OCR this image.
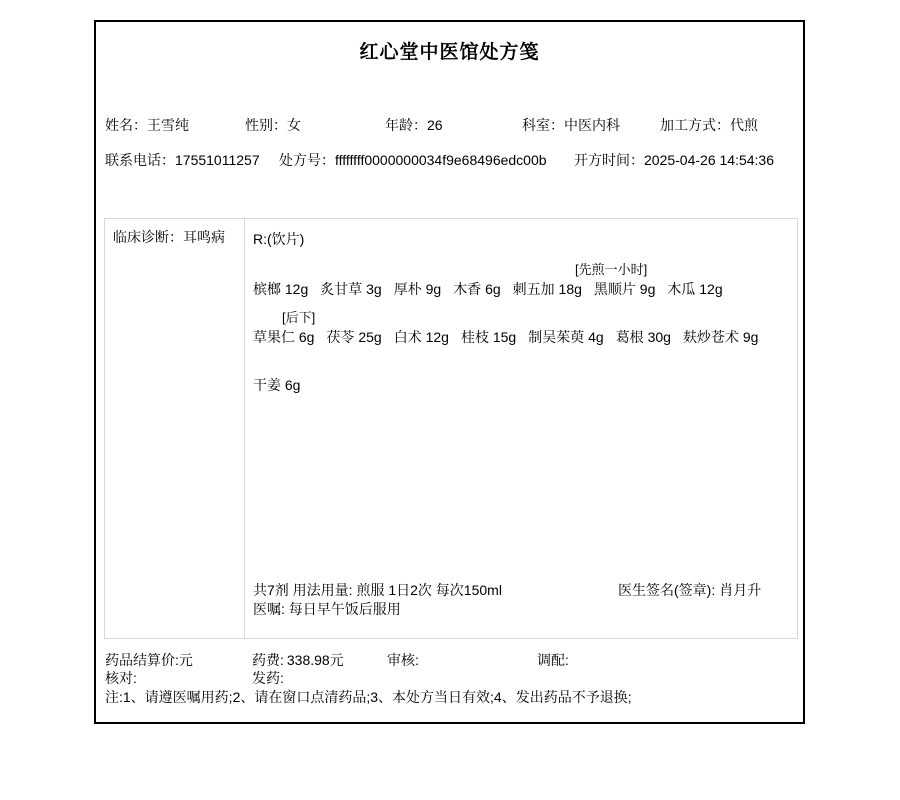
红心堂中医馆处方笺
姓名：王雪纯	性别：女	年龄：26	科室：中医内科	加工方式：代煎
联系电话：17551011257 处方号：ffffffff0000000034f9e68496edc00b 开方时间：2025-04-26 14:54:36
临床诊断：耳鸣病	R:(饮片)
[先煎一小时]
槟榔 12g 炙甘草 3g 厚朴 9g 木香 6g 刺五加 18g 黑顺片 9g 木瓜 12g
[后下]
草果仁 6g 茯苓 25g 白术 12g 桂枝 15g 制吴茱萸 4g 葛根 30g 麸炒苍术 9g
干姜 6g
共7剂 用法用量: 煎服 1日2次 每次150ml	医生签名(签章): 肖月升
医嘱: 每日早午饭后服用
药品结算价:元	药费: 338.98元	审核:	调配:
核对:	发药:
注:1、请遵医嘱用药;2、请在窗口点清药品;3、本处方当日有效;4、发出药品不予退换;
